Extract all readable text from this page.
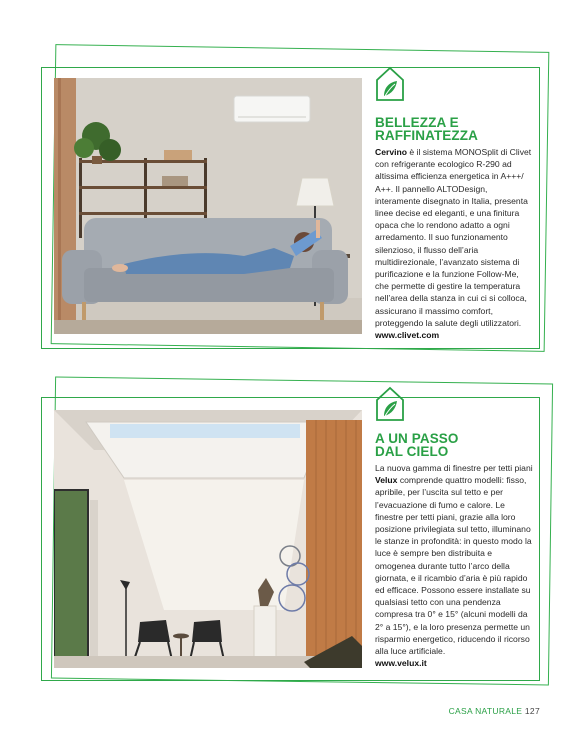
BELLEZZA E
RAFFINATEZZA

Cervino è il sistema MONOSplit di Clivet con refrigerante ecologico R-290 ad altissima efficienza energetica in A+++/ A++. Il pannello ALTODesign, interamente disegnato in Italia, presenta linee decise ed eleganti, e una finitura opaca che lo rendono adatto a ogni arredamento. Il suo funzionamento silenzioso, il flusso dell’aria multidirezionale, l’avanzato sistema di purificazione e la funzione Follow-Me, che permette di gestire la temperatura nell’area della stanza in cui ci si colloca, assicurano il massimo comfort, proteggendo la salute degli utilizzatori.

www.clivet.com
A UN PASSO
DAL CIELO

La nuova gamma di finestre per tetti piani Velux comprende quattro modelli: fisso, apribile, per l’uscita sul tetto e per l’evacuazione di fumo e calore. Le finestre per tetti piani, grazie alla loro posizione privilegiata sul tetto, illuminano le stanze in profondità: in questo modo la luce è sempre ben distribuita e omogenea durante tutto l’arco della giornata, e il ricambio d’aria è più rapido ed efficace. Possono essere installate su qualsiasi tetto con una pendenza compresa tra 0° e 15° (alcuni modelli da 2° a 15°), e la loro presenza permette un risparmio energetico, riducendo il ricorso alla luce artificiale.

www.velux.it
CASA NATURALE 127
